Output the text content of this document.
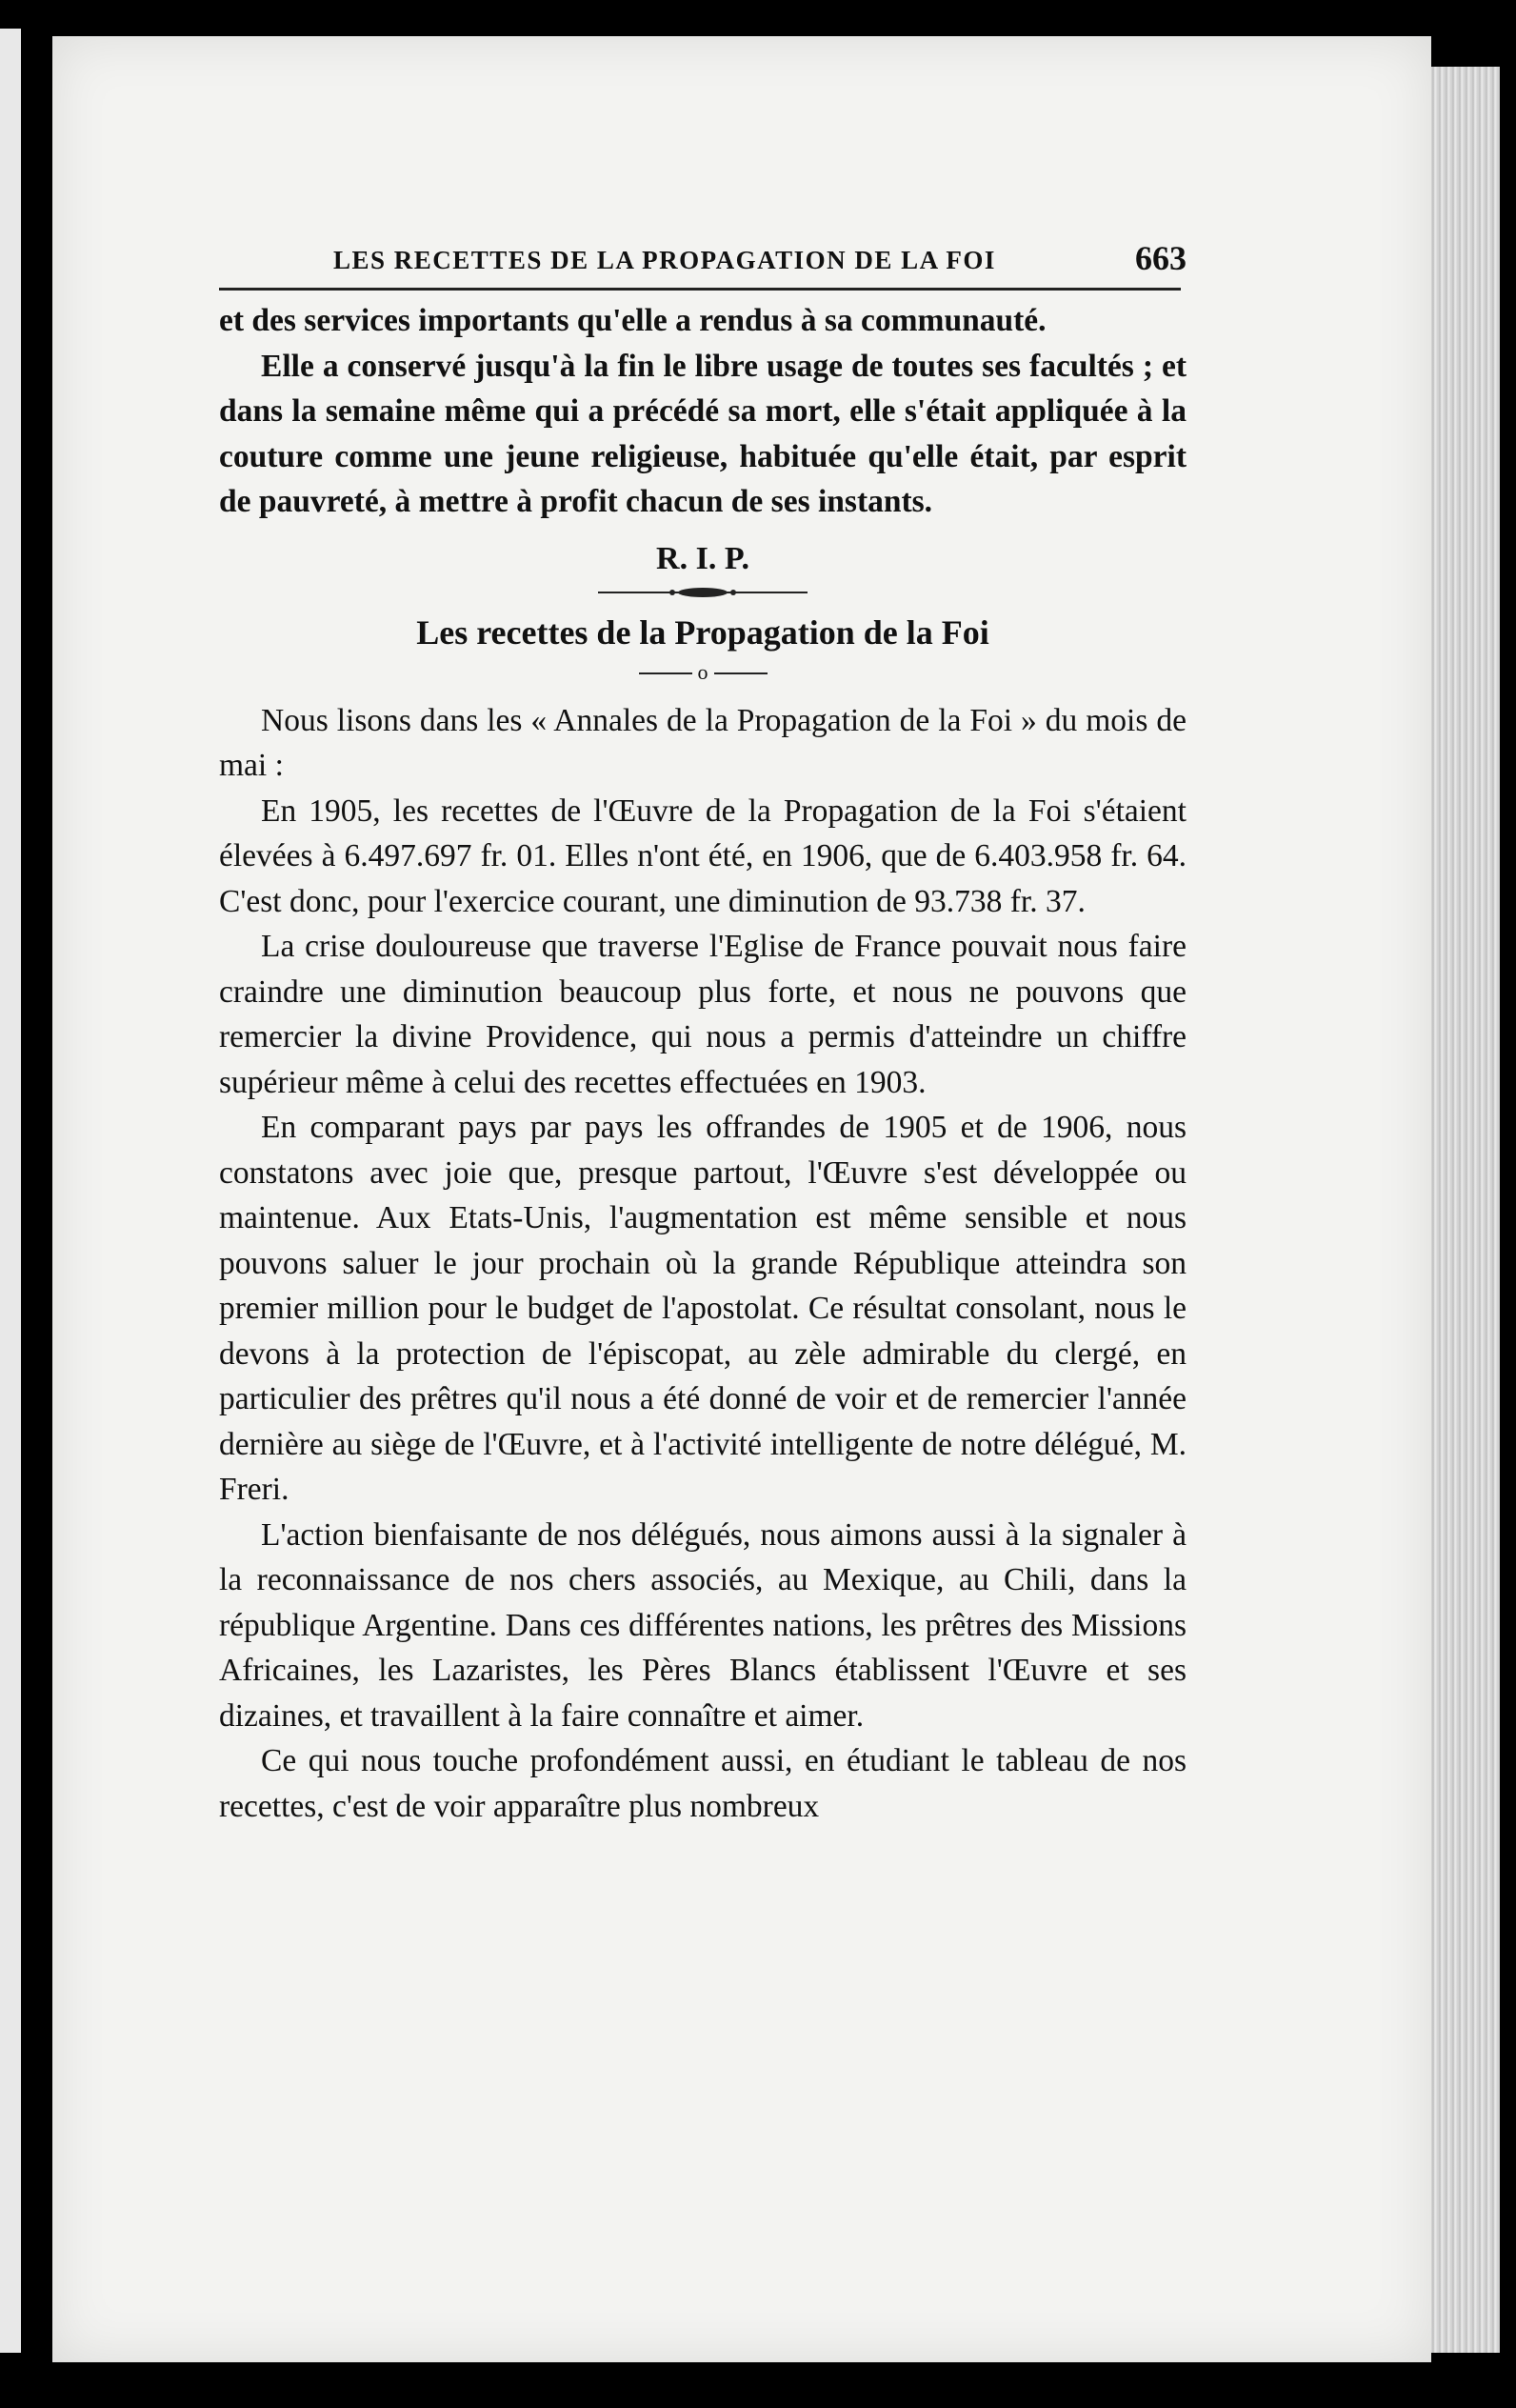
LES RECETTES DE LA PROPAGATION DE LA FOI	663

et des services importants qu'elle a rendus à sa communauté.

Elle a conservé jusqu'à la fin le libre usage de toutes ses facultés ; et dans la semaine même qui a précédé sa mort, elle s'était appliquée à la couture comme une jeune religieuse, habituée qu'elle était, par esprit de pauvreté, à mettre à profit chacun de ses instants.

R. I. P.
Les recettes de la Propagation de la Foi
o

Nous lisons dans les « Annales de la Propagation de la Foi » du mois de mai :

En 1905, les recettes de l'Œuvre de la Propagation de la Foi s'étaient élevées à 6.497.697 fr. 01. Elles n'ont été, en 1906, que de 6.403.958 fr. 64. C'est donc, pour l'exercice courant, une diminution de 93.738 fr. 37.

La crise douloureuse que traverse l'Eglise de France pouvait nous faire craindre une diminution beaucoup plus forte, et nous ne pouvons que remercier la divine Providence, qui nous a permis d'atteindre un chiffre supérieur même à celui des recettes effectuées en 1903.

En comparant pays par pays les offrandes de 1905 et de 1906, nous constatons avec joie que, presque partout, l'Œuvre s'est développée ou maintenue. Aux Etats-Unis, l'augmentation est même sensible et nous pouvons saluer le jour prochain où la grande République atteindra son premier million pour le budget de l'apostolat. Ce résultat consolant, nous le devons à la protection de l'épiscopat, au zèle admirable du clergé, en particulier des prêtres qu'il nous a été donné de voir et de remercier l'année dernière au siège de l'Œuvre, et à l'activité intelligente de notre délégué, M. Freri.

L'action bienfaisante de nos délégués, nous aimons aussi à la signaler à la reconnaissance de nos chers associés, au Mexique, au Chili, dans la république Argentine. Dans ces différentes nations, les prêtres des Missions Africaines, les Lazaristes, les Pères Blancs établissent l'Œuvre et ses dizaines, et travaillent à la faire connaître et aimer.

Ce qui nous touche profondément aussi, en étudiant le tableau de nos recettes, c'est de voir apparaître plus nombreux
